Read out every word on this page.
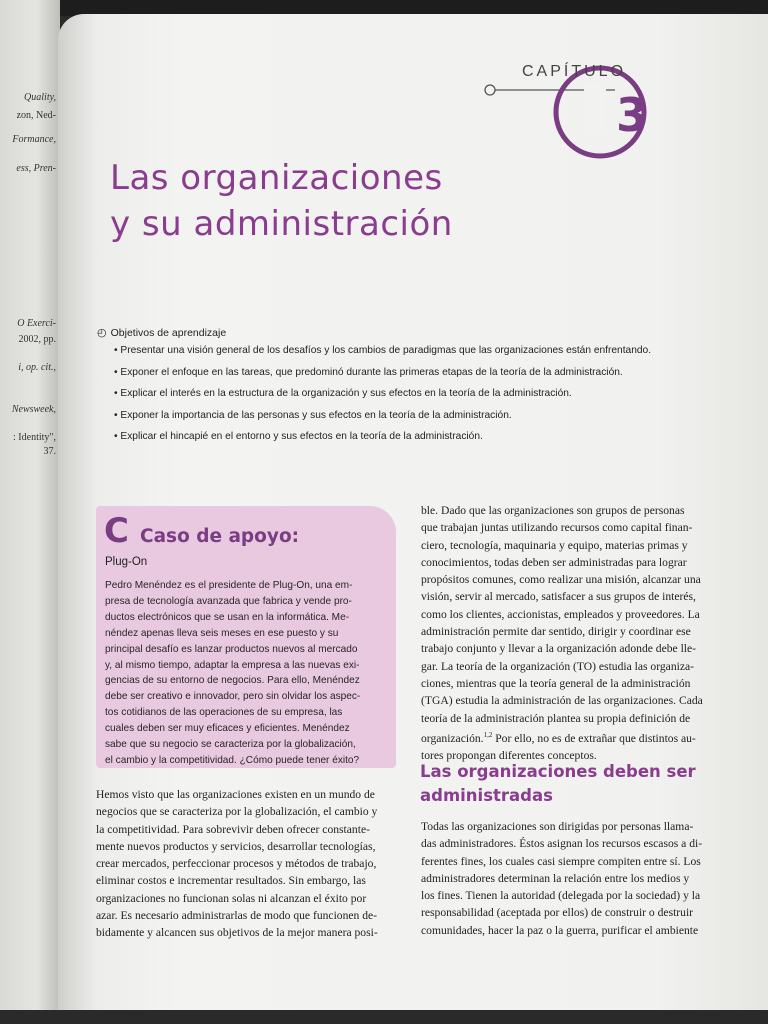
Quality,
zon, Ned-
Formance,
ess, Pren-
O Exerci-
2002, pp.
i, op. cit.,
Newsweek,
: Identity",
37.
CAPÍTULO
3
Las organizaciones
y su administración
◴ Objetivos de aprendizaje
• Presentar una visión general de los desafíos y los cambios de paradigmas que las organizaciones están enfrentando.
• Exponer el enfoque en las tareas, que predominó durante las primeras etapas de la teoría de la administración.
• Explicar el interés en la estructura de la organización y sus efectos en la teoría de la administración.
• Exponer la importancia de las personas y sus efectos en la teoría de la administración.
• Explicar el hincapié en el entorno y sus efectos en la teoría de la administración.
C Caso de apoyo:
Plug-On
Pedro Menéndez es el presidente de Plug-On, una em-
presa de tecnología avanzada que fabrica y vende pro-
ductos electrónicos que se usan en la informática. Me-
néndez apenas lleva seis meses en ese puesto y su
principal desafío es lanzar productos nuevos al mercado
y, al mismo tiempo, adaptar la empresa a las nuevas exi-
gencias de su entorno de negocios. Para ello, Menéndez
debe ser creativo e innovador, pero sin olvidar los aspec-
tos cotidianos de las operaciones de su empresa, las
cuales deben ser muy eficaces y eficientes. Menéndez
sabe que su negocio se caracteriza por la globalización,
el cambio y la competitividad. ¿Cómo puede tener éxito?
Hemos visto que las organizaciones existen en un mundo de
negocios que se caracteriza por la globalización, el cambio y
la competitividad. Para sobrevivir deben ofrecer constante-
mente nuevos productos y servicios, desarrollar tecnologías,
crear mercados, perfeccionar procesos y métodos de trabajo,
eliminar costos e incrementar resultados. Sin embargo, las
organizaciones no funcionan solas ni alcanzan el éxito por
azar. Es necesario administrarlas de modo que funcionen de-
bidamente y alcancen sus objetivos de la mejor manera posi-
ble. Dado que las organizaciones son grupos de personas
que trabajan juntas utilizando recursos como capital finan-
ciero, tecnología, maquinaria y equipo, materias primas y
conocimientos, todas deben ser administradas para lograr
propósitos comunes, como realizar una misión, alcanzar una
visión, servir al mercado, satisfacer a sus grupos de interés,
como los clientes, accionistas, empleados y proveedores. La
administración permite dar sentido, dirigir y coordinar ese
trabajo conjunto y llevar a la organización adonde debe lle-
gar. La teoría de la organización (TO) estudia las organiza-
ciones, mientras que la teoría general de la administración
(TGA) estudia la administración de las organizaciones. Cada
teoría de la administración plantea su propia definición de
organización.$^{1,2}$ Por ello, no es de extrañar que distintos au-
tores propongan diferentes conceptos.
Las organizaciones deben ser
administradas
Todas las organizaciones son dirigidas por personas llama-
das administradores. Éstos asignan los recursos escasos a di-
ferentes fines, los cuales casi siempre compiten entre sí. Los
administradores determinan la relación entre los medios y
los fines. Tienen la autoridad (delegada por la sociedad) y la
responsabilidad (aceptada por ellos) de construir o destruir
comunidades, hacer la paz o la guerra, purificar el ambiente
